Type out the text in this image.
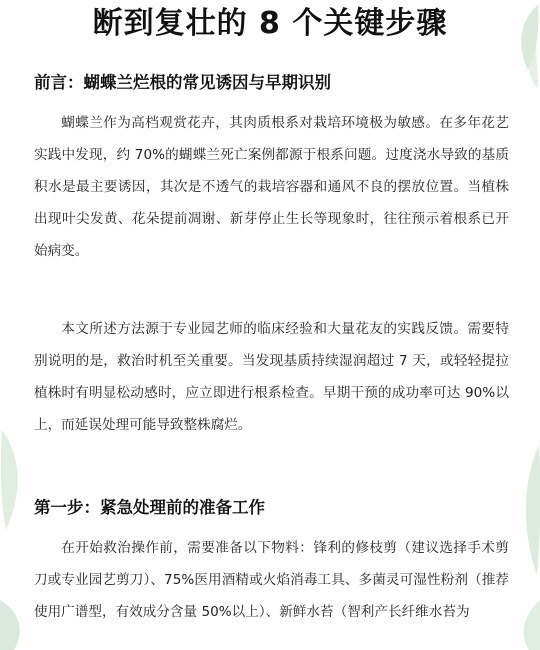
断到复壮的 8 个关键步骤
前言：蝴蝶兰烂根的常见诱因与早期识别

蝴蝶兰作为高档观赏花卉，其肉质根系对栽培环境极为敏感。在多年花艺实践中发现，约 70%的蝴蝶兰死亡案例都源于根系问题。过度浇水导致的基质积水是最主要诱因，其次是不透气的栽培容器和通风不良的摆放位置。当植株出现叶尖发黄、花朵提前凋谢、新芽停止生长等现象时，往往预示着根系已开始病变。

本文所述方法源于专业园艺师的临床经验和大量花友的实践反馈。需要特别说明的是，救治时机至关重要。当发现基质持续湿润超过 7 天，或轻轻提拉植株时有明显松动感时，应立即进行根系检查。早期干预的成功率可达 90%以上，而延误处理可能导致整株腐烂。

第一步：紧急处理前的准备工作

在开始救治操作前，需要准备以下物料：锋利的修枝剪（建议选择手术剪刀或专业园艺剪刀）、75%医用酒精或火焰消毒工具、多菌灵可湿性粉剂（推荐使用广谱型，有效成分含量 50%以上）、新鲜水苔（智利产长纤维水苔为
